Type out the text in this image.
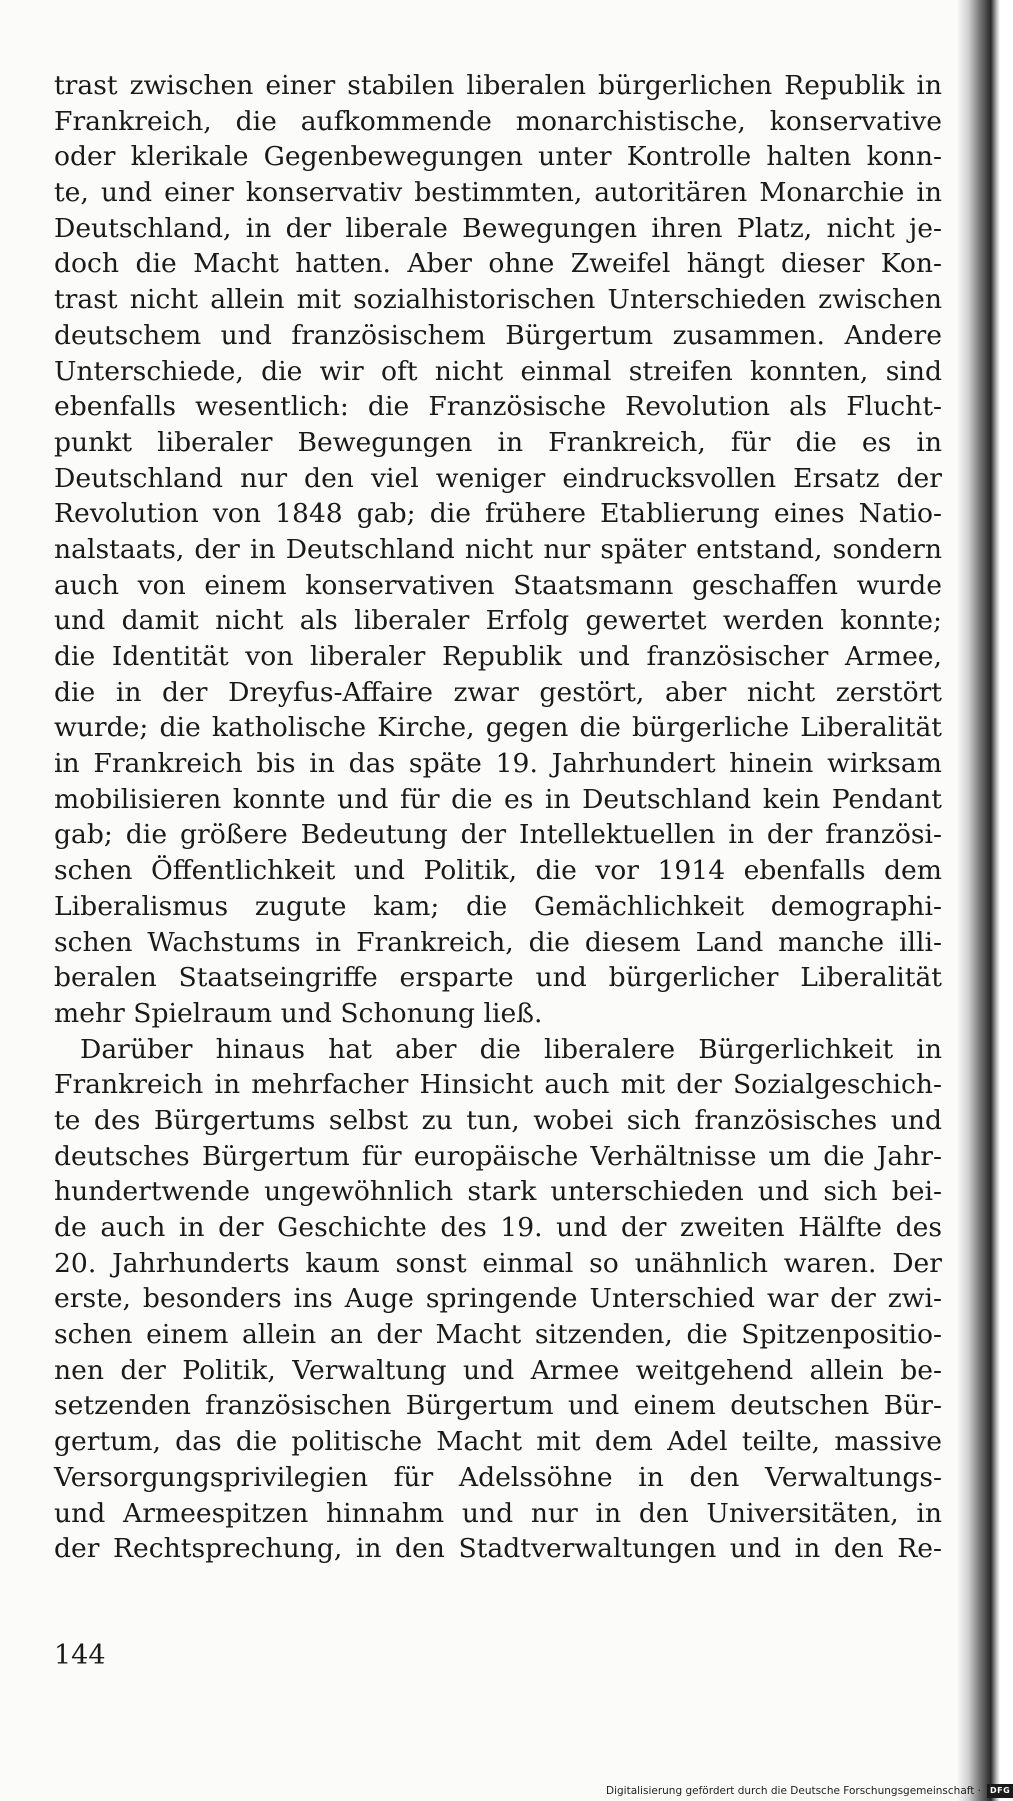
trast zwischen einer stabilen liberalen bürgerlichen Republik in
Frankreich, die aufkommende monarchistische, konservative
oder klerikale Gegenbewegungen unter Kontrolle halten konn-
te, und einer konservativ bestimmten, autoritären Monarchie in
Deutschland, in der liberale Bewegungen ihren Platz, nicht je-
doch die Macht hatten. Aber ohne Zweifel hängt dieser Kon-
trast nicht allein mit sozialhistorischen Unterschieden zwischen
deutschem und französischem Bürgertum zusammen. Andere
Unterschiede, die wir oft nicht einmal streifen konnten, sind
ebenfalls wesentlich: die Französische Revolution als Flucht-
punkt liberaler Bewegungen in Frankreich, für die es in
Deutschland nur den viel weniger eindrucksvollen Ersatz der
Revolution von 1848 gab; die frühere Etablierung eines Natio-
nalstaats, der in Deutschland nicht nur später entstand, sondern
auch von einem konservativen Staatsmann geschaffen wurde
und damit nicht als liberaler Erfolg gewertet werden konnte;
die Identität von liberaler Republik und französischer Armee,
die in der Dreyfus-Affaire zwar gestört, aber nicht zerstört
wurde; die katholische Kirche, gegen die bürgerliche Liberalität
in Frankreich bis in das späte 19. Jahrhundert hinein wirksam
mobilisieren konnte und für die es in Deutschland kein Pendant
gab; die größere Bedeutung der Intellektuellen in der französi-
schen Öffentlichkeit und Politik, die vor 1914 ebenfalls dem
Liberalismus zugute kam; die Gemächlichkeit demographi-
schen Wachstums in Frankreich, die diesem Land manche illi-
beralen Staatseingriffe ersparte und bürgerlicher Liberalität
mehr Spielraum und Schonung ließ.
Darüber hinaus hat aber die liberalere Bürgerlichkeit in
Frankreich in mehrfacher Hinsicht auch mit der Sozialgeschich-
te des Bürgertums selbst zu tun, wobei sich französisches und
deutsches Bürgertum für europäische Verhältnisse um die Jahr-
hundertwende ungewöhnlich stark unterschieden und sich bei-
de auch in der Geschichte des 19. und der zweiten Hälfte des
20. Jahrhunderts kaum sonst einmal so unähnlich waren. Der
erste, besonders ins Auge springende Unterschied war der zwi-
schen einem allein an der Macht sitzenden, die Spitzenpositio-
nen der Politik, Verwaltung und Armee weitgehend allein be-
setzenden französischen Bürgertum und einem deutschen Bür-
gertum, das die politische Macht mit dem Adel teilte, massive
Versorgungsprivilegien für Adelssöhne in den Verwaltungs-
und Armeespitzen hinnahm und nur in den Universitäten, in
der Rechtsprechung, in den Stadtverwaltungen und in den Re-

144

Digitalisierung gefördert durch die Deutsche Forschungsgemeinschaft ·	DFG
